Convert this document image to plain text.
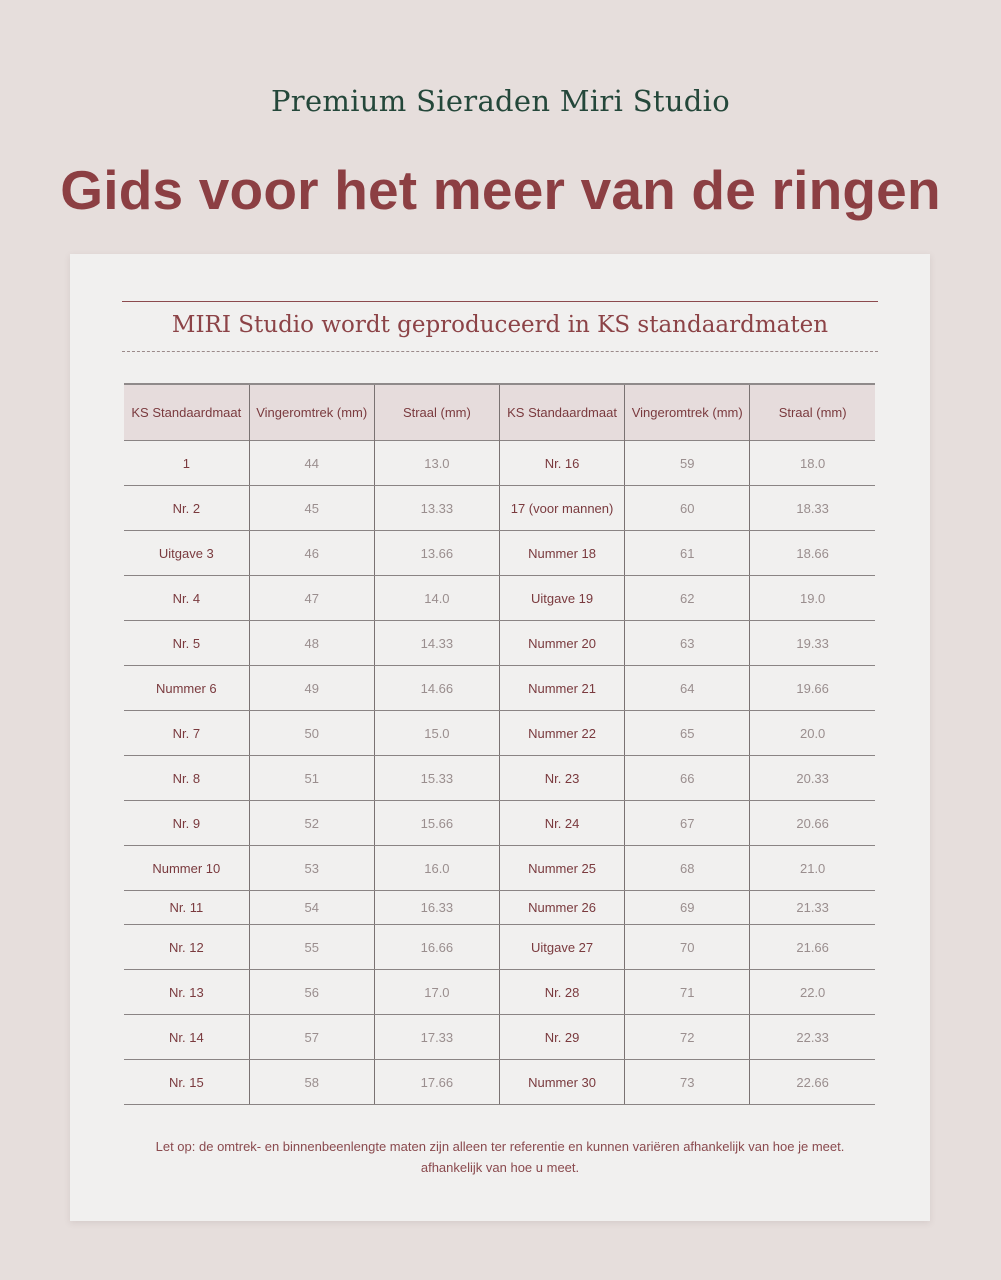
Premium Sieraden Miri Studio
Gids voor het meer van de ringen
MIRI Studio wordt geproduceerd in KS standaardmaten
KS Standaardmaat	Vingeromtrek (mm)	Straal (mm)	KS Standaardmaat	Vingeromtrek (mm)	Straal (mm)
1	44	13.0	Nr. 16	59	18.0
Nr. 2	45	13.33	17 (voor mannen)	60	18.33
Uitgave 3	46	13.66	Nummer 18	61	18.66
Nr. 4	47	14.0	Uitgave 19	62	19.0
Nr. 5	48	14.33	Nummer 20	63	19.33
Nummer 6	49	14.66	Nummer 21	64	19.66
Nr. 7	50	15.0	Nummer 22	65	20.0
Nr. 8	51	15.33	Nr. 23	66	20.33
Nr. 9	52	15.66	Nr. 24	67	20.66
Nummer 10	53	16.0	Nummer 25	68	21.0
Nr. 11	54	16.33	Nummer 26	69	21.33
Nr. 12	55	16.66	Uitgave 27	70	21.66
Nr. 13	56	17.0	Nr. 28	71	22.0
Nr. 14	57	17.33	Nr. 29	72	22.33
Nr. 15	58	17.66	Nummer 30	73	22.66
Let op: de omtrek- en binnenbeenlengte maten zijn alleen ter referentie en kunnen variëren afhankelijk van hoe je meet.
afhankelijk van hoe u meet.
